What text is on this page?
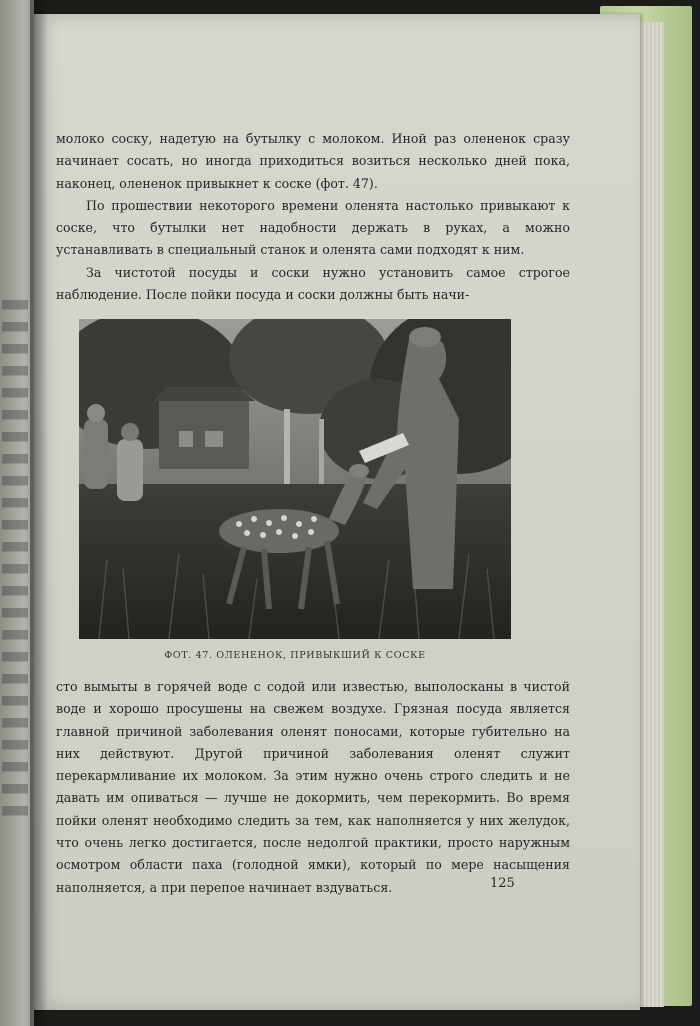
молоко соску, надетую на бутылку с молоком. Иной раз олененок сразу начинает сосать, но иногда приходиться возиться несколько дней пока, наконец, олененок привыкнет к соске (фот. 47).

По прошествии некоторого времени оленята настолько привыкают к соске, что бутылки нет надобности держать в руках, а можно устанавливать в специальный станок и оленята сами подходят к ним.

За чистотой посуды и соски нужно установить самое строгое наблюдение. После пойки посуда и соски должны быть начи-

ФОТ. 47. ОЛЕНЕНОК, ПРИВЫКШИЙ К СОСКЕ

сто вымыты в горячей воде с содой или известью, выполосканы в чистой воде и хорошо просушены на свежем воздухе. Грязная посуда является главной причиной заболевания оленят поносами, которые губительно на них действуют. Другой причиной заболевания оленят служит перекармливание их молоком. За этим нужно очень строго следить и не давать им опиваться — лучше не докормить, чем перекормить. Во время пойки оленят необходимо следить за тем, как наполняется у них желудок, что очень легко достигается, после недолгой практики, просто наружным осмотром области паха (голодной ямки), который по мере насыщения наполняется, а при перепое начинает вздуваться.	125
